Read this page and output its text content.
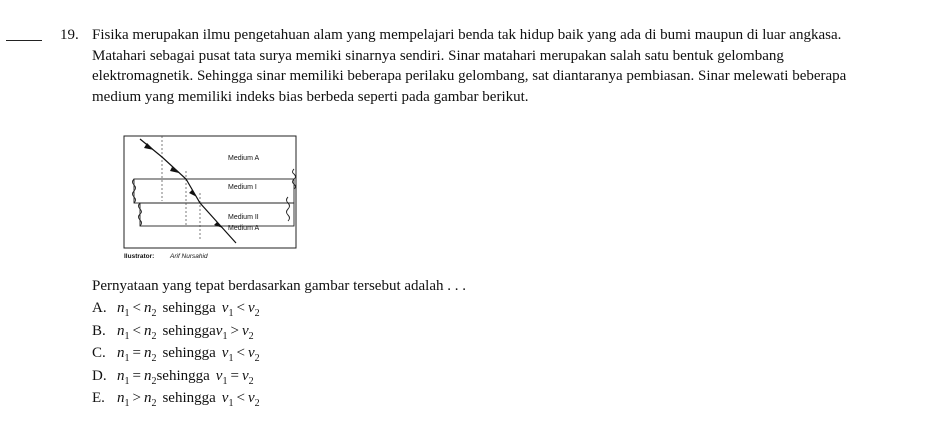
19. Fisika merupakan ilmu pengetahuan alam yang mempelajari benda tak hidup baik yang ada di bumi maupun di luar angkasa. Matahari sebagai pusat tata surya memiki sinarnya sendiri. Sinar matahari merupakan salah satu bentuk gelombang elektromagnetik. Sehingga sinar memiliki beberapa perilaku gelombang, sat diantaranya pembiasan. Sinar melewati beberapa medium yang memiliki indeks bias berbeda seperti pada gambar berikut.

Medium A
Medium I
Medium II
Medium A
Ilustrator: Arif Nursahid
Pernyataan yang tepat berdasarkan gambar tersebut adalah . . .
A. n 1 < n 2 sehingga v 1 < v 2
B. n 1 < n 2 sehingga v 1 > v 2
C. n 1 = n 2 sehingga v 1 < v 2
D. n 1 = n 2 sehingga v 1 = v 2
E. n 1 > n 2 sehingga v 1 < v 2
